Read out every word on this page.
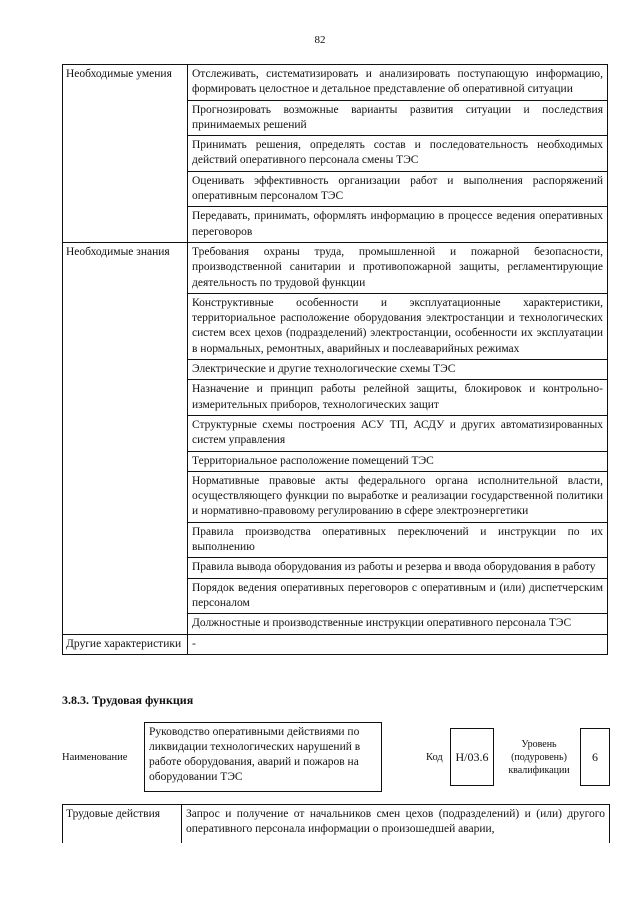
82
Необходимые умения	Отслеживать, систематизировать и анализировать поступающую информацию, формировать целостное и детальное представление об оперативной ситуации
	Прогнозировать возможные варианты развития ситуации и последствия принимаемых решений
	Принимать решения, определять состав и последовательность необходимых действий оперативного персонала смены ТЭС
	Оценивать эффективность организации работ и выполнения распоряжений оперативным персоналом ТЭС
	Передавать, принимать, оформлять информацию в процессе ведения оперативных переговоров
Необходимые знания	Требования охраны труда, промышленной и пожарной безопасности, производственной санитарии и противопожарной защиты, регламентирующие деятельность по трудовой функции
	Конструктивные особенности и эксплуатационные характеристики, территориальное расположение оборудования электростанции и технологических систем всех цехов (подразделений) электростанции, особенности их эксплуатации в нормальных, ремонтных, аварийных и послеаварийных режимах
	Электрические и другие технологические схемы ТЭС
	Назначение и принцип работы релейной защиты, блокировок и контрольно-измерительных приборов, технологических защит
	Структурные схемы построения АСУ ТП, АСДУ и других автоматизированных систем управления
	Территориальное расположение помещений ТЭС
	Нормативные правовые акты федерального органа исполнительной власти, осуществляющего функции по выработке и реализации государственной политики и нормативно-правовому регулированию в сфере электроэнергетики
	Правила производства оперативных переключений и инструкции по их выполнению
	Правила вывода оборудования из работы и резерва и ввода оборудования в работу
	Порядок ведения оперативных переговоров с оперативным и (или) диспетчерским персоналом
	Должностные и производственные инструкции оперативного персонала ТЭС
Другие характеристики	-
3.8.3. Трудовая функция
Наименование
Руководство оперативными действиями по ликвидации технологических нарушений в работе оборудования, аварий и пожаров на оборудовании ТЭС
Код	H/03.6
Уровень (подуровень) квалификации
6
Трудовые действия	Запрос и получение от начальников смен цехов (подразделений) и (или) другого оперативного персонала информации о произошедшей аварии,
